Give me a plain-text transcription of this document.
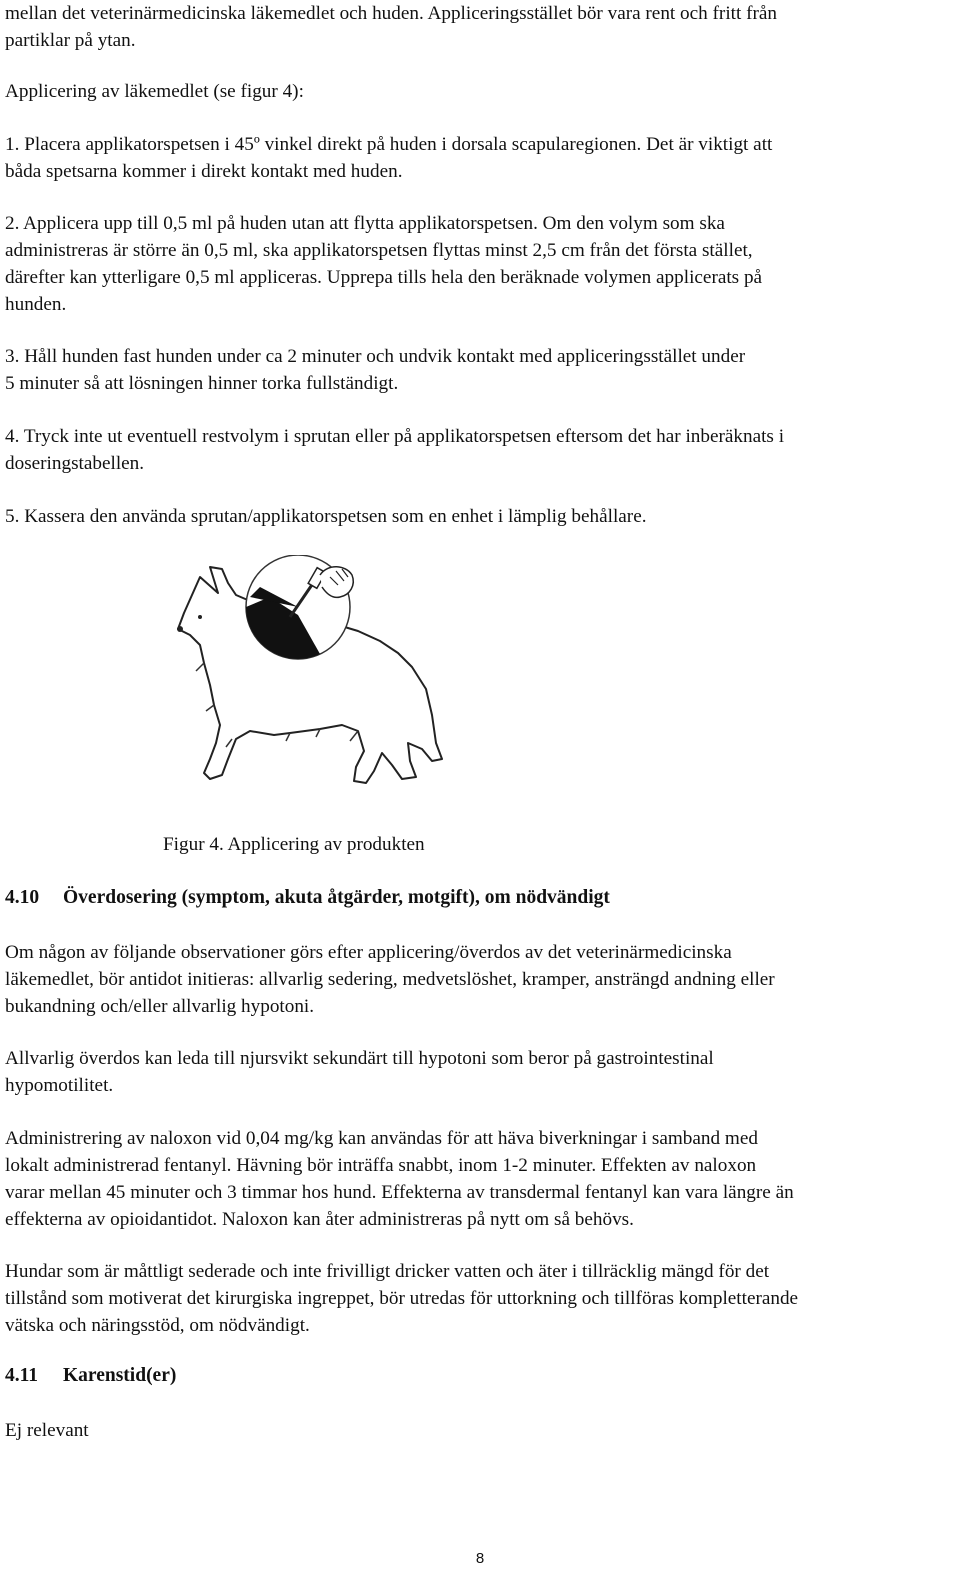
mellan det veterinärmedicinska läkemedlet och huden. Appliceringsstället bör vara rent och fritt från
partiklar på ytan.
Applicering av läkemedlet (se figur 4):
1. Placera applikatorspetsen i 45º vinkel direkt på huden i dorsala scapularegionen. Det är viktigt att
båda spetsarna kommer i direkt kontakt med huden.
2. Applicera upp till 0,5 ml på huden utan att flytta applikatorspetsen. Om den volym som ska
administreras är större än 0,5 ml, ska applikatorspetsen flyttas minst 2,5 cm från det första stället,
därefter kan ytterligare 0,5 ml appliceras. Upprepa tills hela den beräknade volymen applicerats på
hunden.
3. Håll hunden fast hunden under ca 2 minuter och undvik kontakt med appliceringsstället under
5 minuter så att lösningen hinner torka fullständigt.
4. Tryck inte ut eventuell restvolym i sprutan eller på applikatorspetsen eftersom det har inberäknats i
doseringstabellen.
5. Kassera den använda sprutan/applikatorspetsen som en enhet i lämplig behållare.
Figur 4. Applicering av produkten
4.10 Överdosering (symptom, akuta åtgärder, motgift), om nödvändigt
Om någon av följande observationer görs efter applicering/överdos av det veterinärmedicinska
läkemedlet, bör antidot initieras: allvarlig sedering, medvetslöshet, kramper, ansträngd andning eller
bukandning och/eller allvarlig hypotoni.
Allvarlig överdos kan leda till njursvikt sekundärt till hypotoni som beror på gastrointestinal
hypomotilitet.
Administrering av naloxon vid 0,04 mg/kg kan användas för att häva biverkningar i samband med
lokalt administrerad fentanyl. Hävning bör inträffa snabbt, inom 1-2 minuter. Effekten av naloxon
varar mellan 45 minuter och 3 timmar hos hund. Effekterna av transdermal fentanyl kan vara längre än
effekterna av opioidantidot. Naloxon kan åter administreras på nytt om så behövs.
Hundar som är måttligt sederade och inte frivilligt dricker vatten och äter i tillräcklig mängd för det
tillstånd som motiverat det kirurgiska ingreppet, bör utredas för uttorkning och tillföras kompletterande
vätska och näringsstöd, om nödvändigt.
4.11 Karenstid(er)
Ej relevant
8
